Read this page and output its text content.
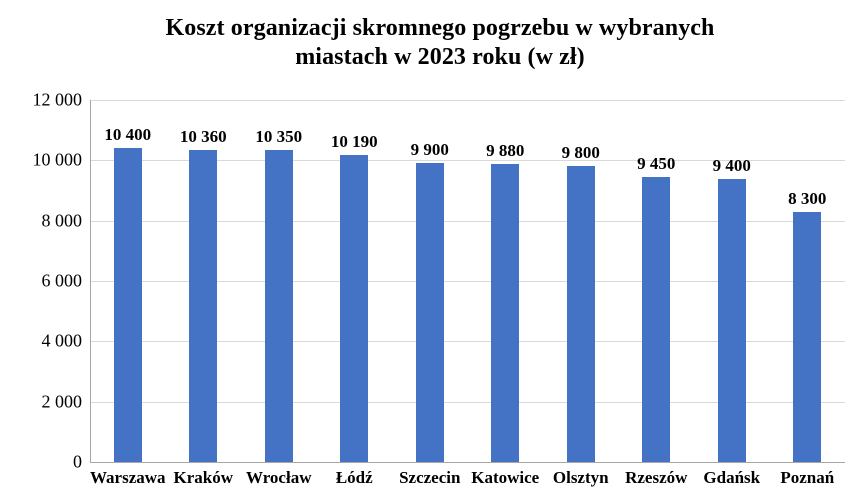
Koszt organizacji skromnego pogrzebu w wybranych
miastach w 2023 roku (w zł)
12 000
10 000
8 000
6 000
4 000
2 000
0
10 400 10 360 10 350 10 190 9 900 9 880 9 800
9 450 9 400
8 300
Warszawa Kraków Wrocław	Łódź	Szczecin Katowice Olsztyn Rzeszów Gdańsk	Poznań
